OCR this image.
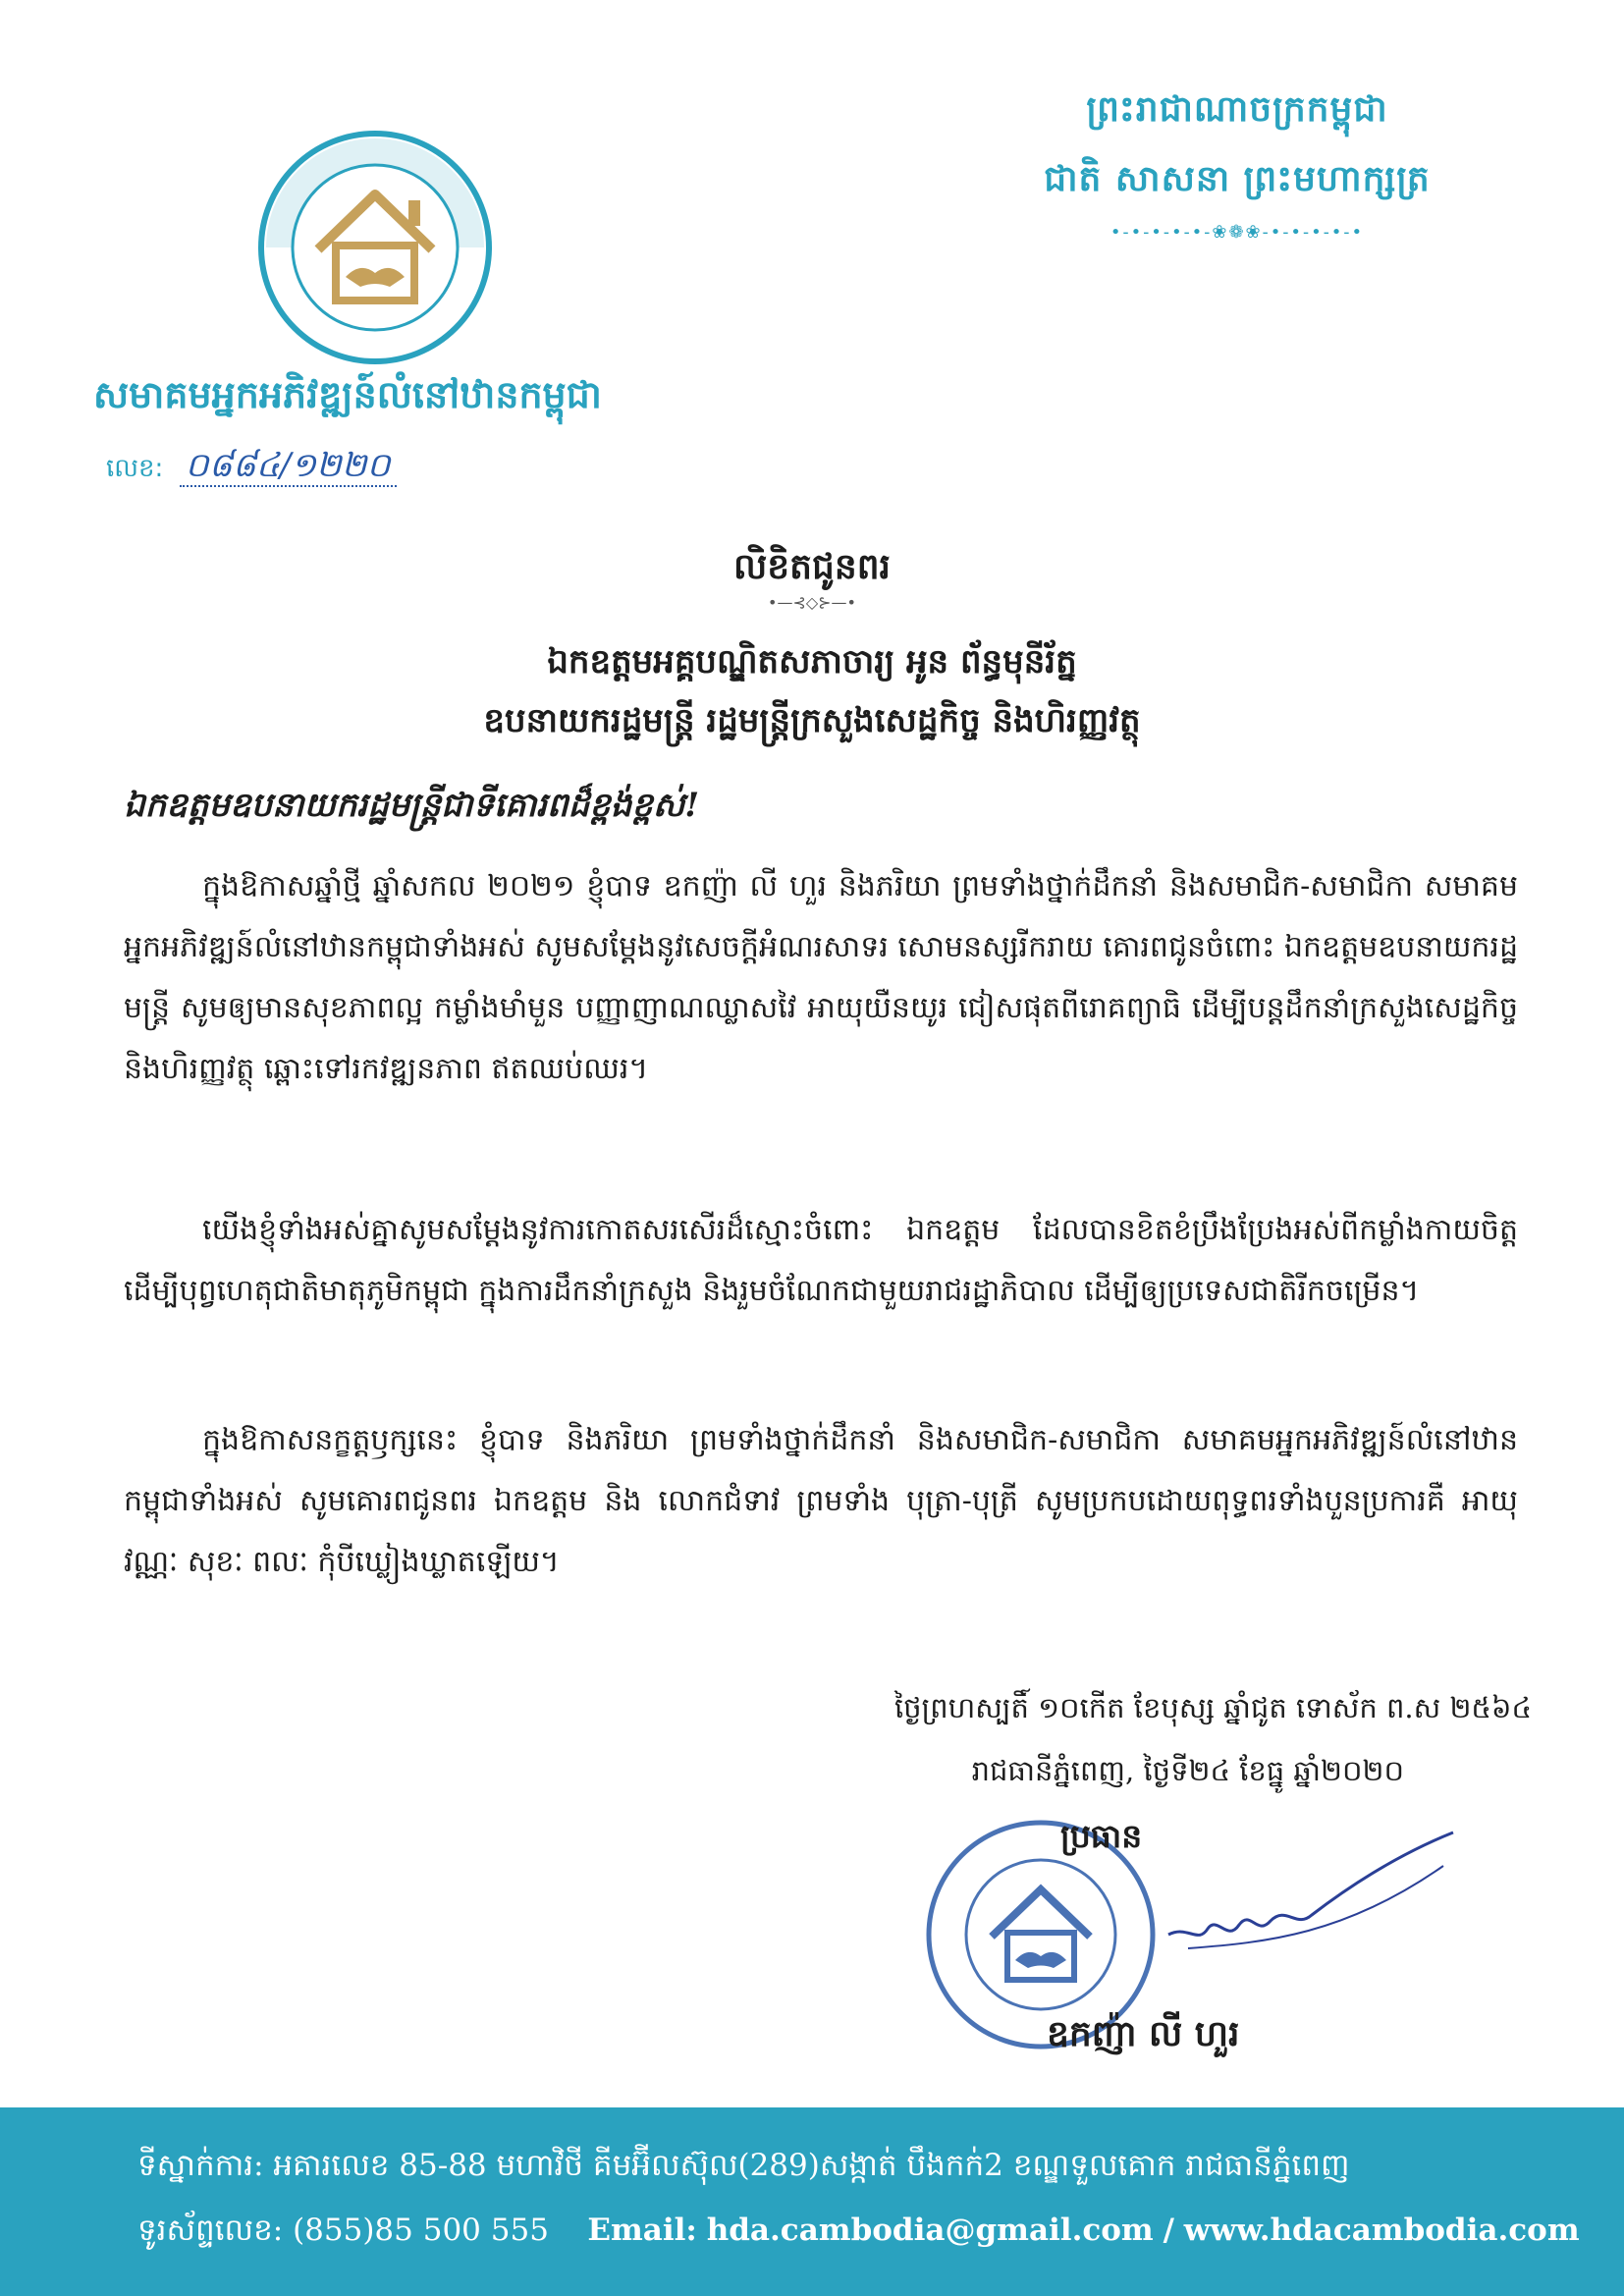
ព្រះរាជាណាចក្រកម្ពុជា
ជាតិ សាសនា ព្រះមហាក្សត្រ
•-•-•-•-•-❀❁❀-•-•-•-•-•
សមាគមអ្នកអភិវឌ្ឍន៍លំនៅឋានកម្ពុជា
លេខ: ០៨៨៤/១២២០
លិខិតជូនពរ
•—⊰◇⊱—•
ឯកឧត្តមអគ្គបណ្ឌិតសភាចារ្យ អូន ព័ន្ធមុនីរ័ត្ន
ឧបនាយករដ្ឋមន្ត្រី រដ្ឋមន្ត្រីក្រសួងសេដ្ឋកិច្ច និងហិរញ្ញវត្ថុ
ឯកឧត្តមឧបនាយករដ្ឋមន្ត្រីជាទីគោរពដ៏ខ្ពង់ខ្ពស់!
ក្នុងឱកាសឆ្នាំថ្មី ឆ្នាំសកល ២០២១ ខ្ញុំបាទ ឧកញ៉ា លី ហួរ និងភរិយា ព្រមទាំងថ្នាក់ដឹកនាំ និងសមាជិក-សមាជិកា សមាគមអ្នកអភិវឌ្ឍន៍លំនៅឋានកម្ពុជាទាំងអស់ សូមសម្តែងនូវសេចក្តីអំណរសាទរ សោមនស្សរីករាយ គោរពជូនចំពោះ ឯកឧត្តមឧបនាយករដ្ឋមន្ត្រី សូមឲ្យមានសុខភាពល្អ កម្លាំងមាំមួន បញ្ញាញាណឈ្លាសវៃ អាយុយឺនយូរ ជៀសផុតពីរោគព្យាធិ ដើម្បីបន្តដឹកនាំក្រសួងសេដ្ឋកិច្ច និងហិរញ្ញវត្ថុ ឆ្ពោះទៅរកវឌ្ឍនភាព ឥតឈប់ឈរ។
យើងខ្ញុំទាំងអស់គ្នាសូមសម្តែងនូវការកោតសរសើរដ៏ស្មោះចំពោះ ឯកឧត្តម ដែលបានខិតខំប្រឹងប្រែងអស់ពីកម្លាំងកាយចិត្ត ដើម្បីបុព្វហេតុជាតិមាតុភូមិកម្ពុជា ក្នុងការដឹកនាំក្រសួង និងរួមចំណែកជាមួយរាជរដ្ឋាភិបាល ដើម្បីឲ្យប្រទេសជាតិរីកចម្រើន។
ក្នុងឱកាសនក្ខត្តឫក្សនេះ ខ្ញុំបាទ និងភរិយា ព្រមទាំងថ្នាក់ដឹកនាំ និងសមាជិក-សមាជិកា សមាគមអ្នកអភិវឌ្ឍន៍លំនៅឋានកម្ពុជាទាំងអស់ សូមគោរពជូនពរ ឯកឧត្តម និង លោកជំទាវ ព្រមទាំង បុត្រា-បុត្រី សូមប្រកបដោយពុទ្ធពរទាំងបួនប្រការគឺ អាយុ វណ្ណៈ សុខៈ ពលៈ កុំបីឃ្លៀងឃ្លាតឡើយ។
ថ្ងៃព្រហស្បតិ៍ ១០កើត ខែបុស្ស ឆ្នាំជូត ទោស័ក ព.ស ២៥៦៤
រាជធានីភ្នំពេញ, ថ្ងៃទី២៤ ខែធ្នូ ឆ្នាំ២០២០
ប្រធាន
ឧកញ៉ា លី ហួរ
ទីស្នាក់ការ: អគារលេខ 85-88 មហាវិថី គីមអ៊ីលស៊ុល(289)សង្កាត់ បឹងកក់2 ខណ្ឌទួលគោក រាជធានីភ្នំពេញ
ទូរស័ព្ទលេខ: (855)85 500 555 Email: hda.cambodia@gmail.com / www.hdacambodia.com
